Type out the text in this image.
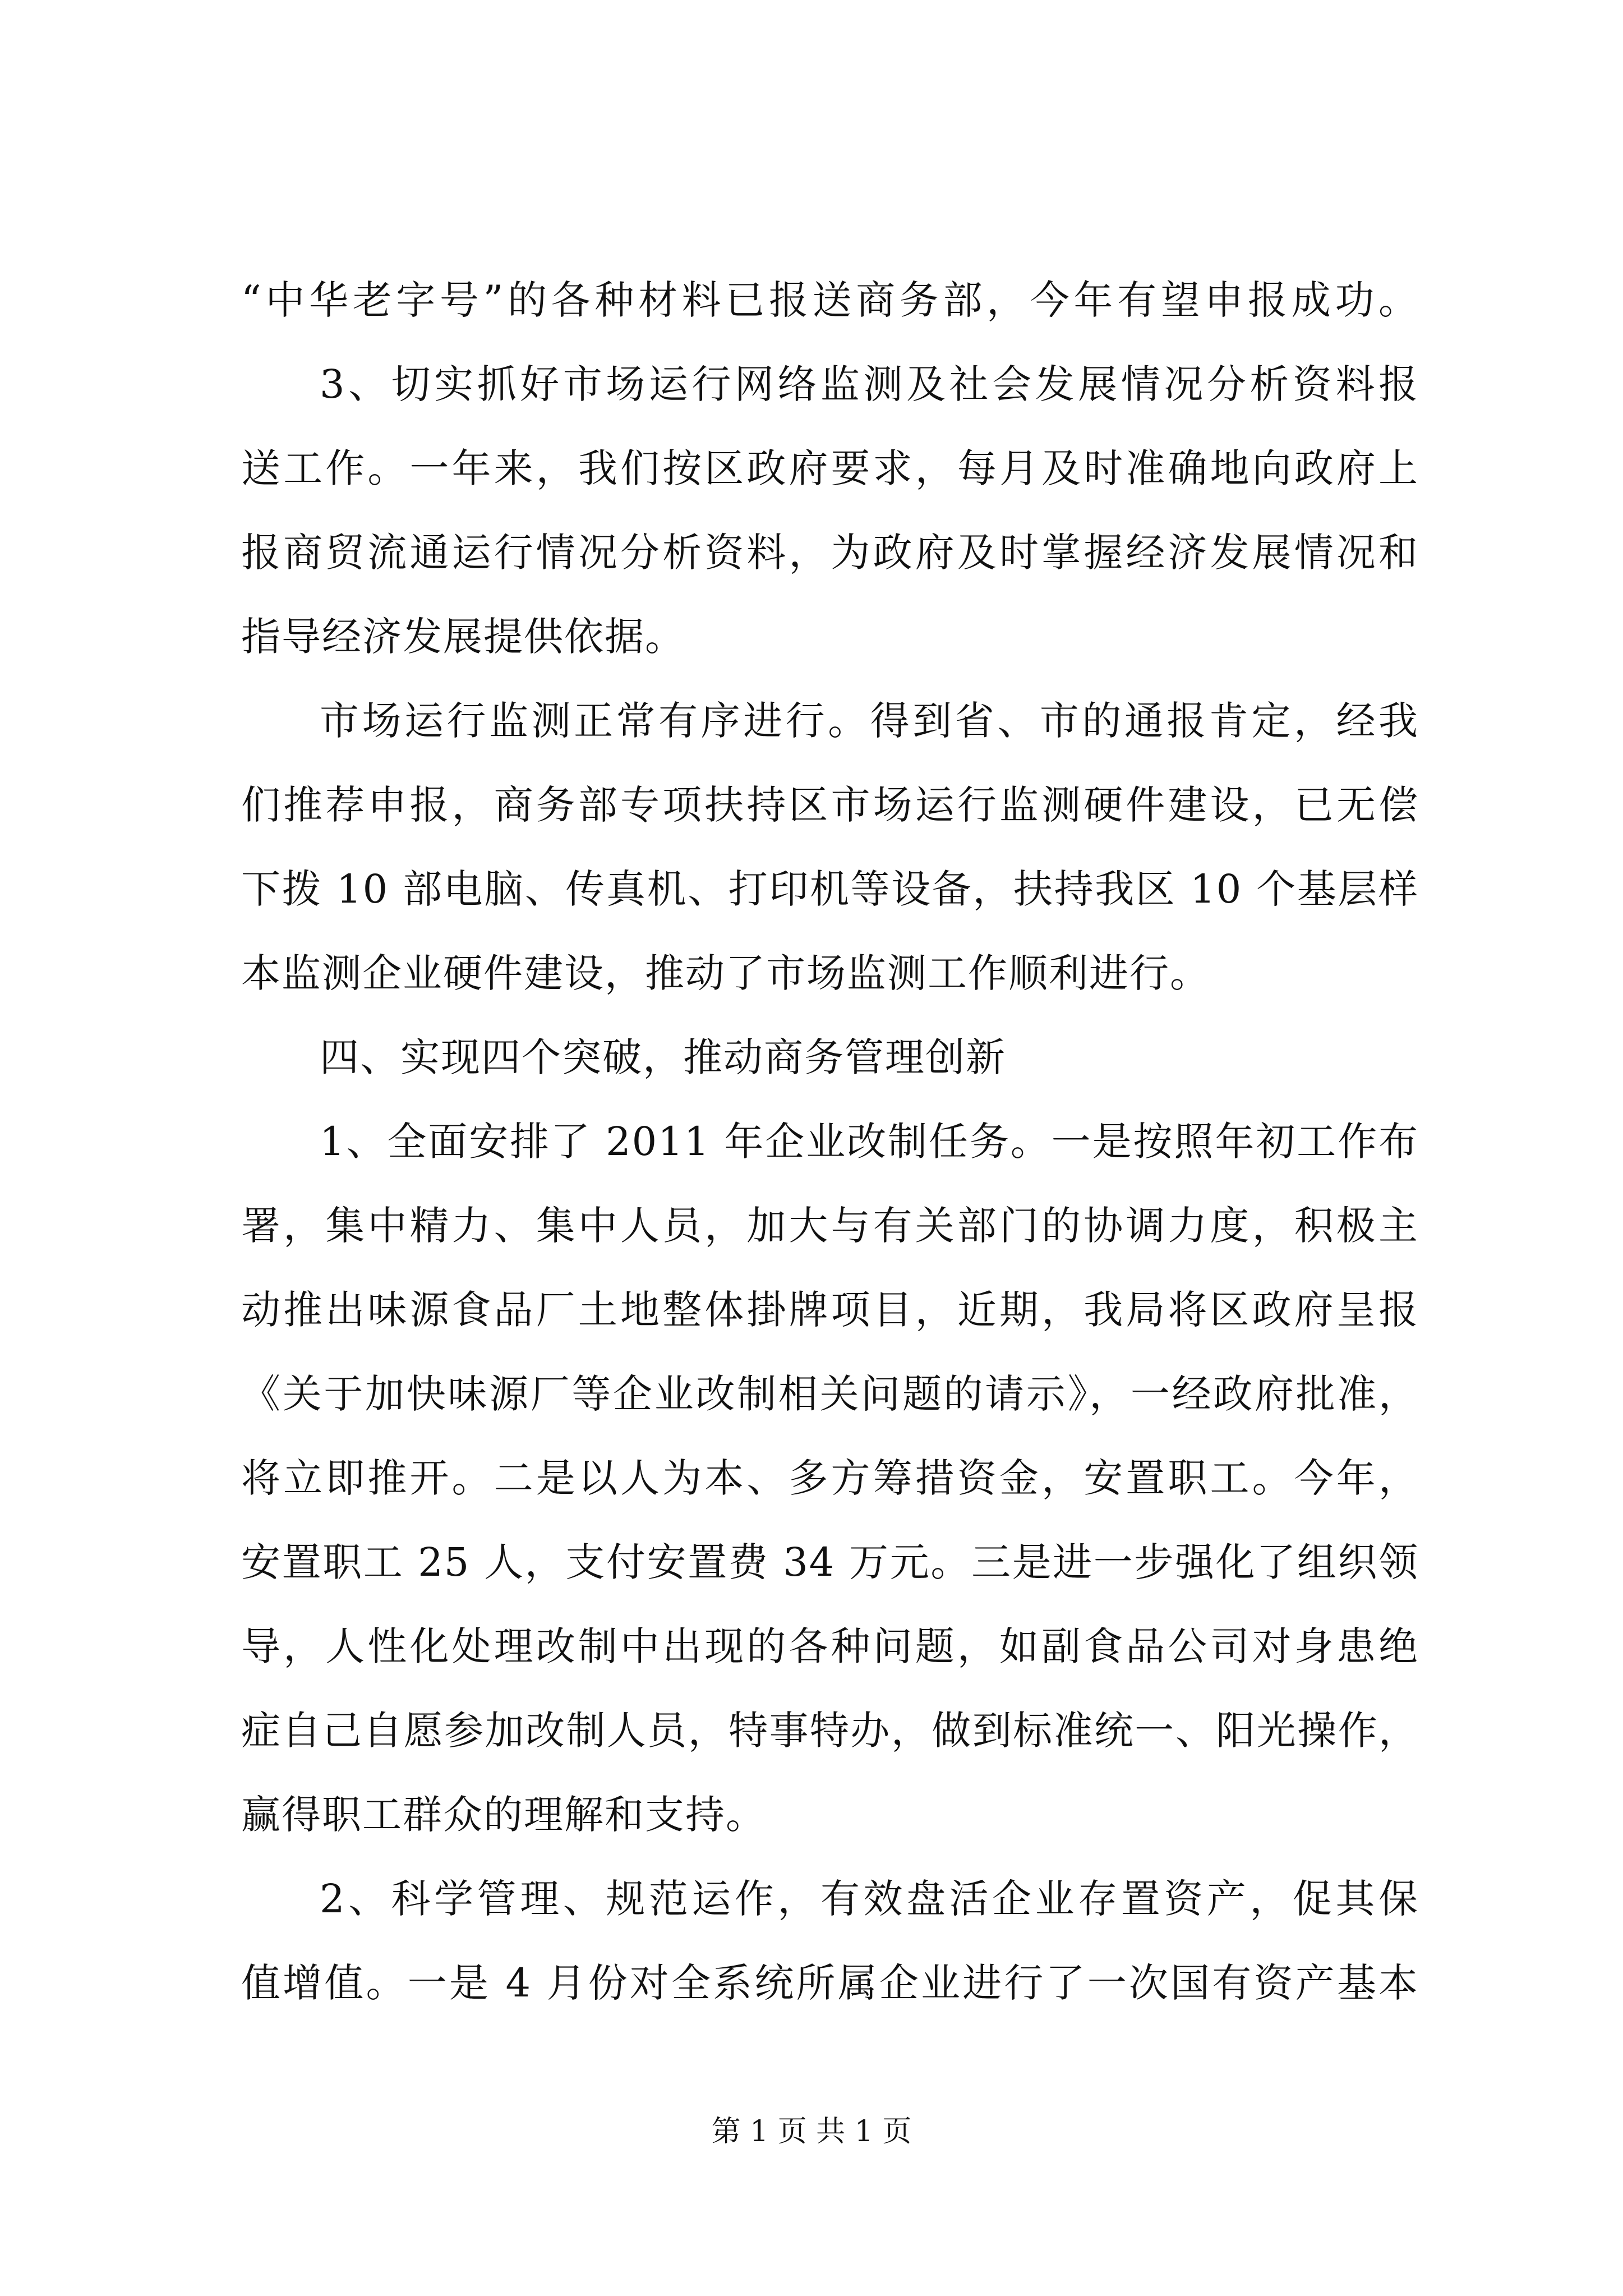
“中华老字号”的各种材料已报送商务部，今年有望申报成功。
3、切实抓好市场运行网络监测及社会发展情况分析资料报
送工作。一年来，我们按区政府要求，每月及时准确地向政府上
报商贸流通运行情况分析资料，为政府及时掌握经济发展情况和
指导经济发展提供依据。
市场运行监测正常有序进行。得到省、市的通报肯定，经我
们推荐申报，商务部专项扶持区市场运行监测硬件建设，已无偿
下拨 10 部电脑、传真机、打印机等设备，扶持我区 10 个基层样
本监测企业硬件建设，推动了市场监测工作顺利进行。
四、实现四个突破，推动商务管理创新
1、全面安排了 2011 年企业改制任务。一是按照年初工作布
署，集中精力、集中人员，加大与有关部门的协调力度，积极主
动推出味源食品厂土地整体掛牌项目，近期，我局将区政府呈报
《关于加快味源厂等企业改制相关问题的请示》，一经政府批准，
将立即推开。二是以人为本、多方筹措资金，安置职工。今年，
安置职工 25 人，支付安置费 34 万元。三是进一步强化了组织领
导，人性化处理改制中出现的各种问题，如副食品公司对身患绝
症自己自愿参加改制人员，特事特办，做到标准统一、阳光操作，
赢得职工群众的理解和支持。
2、科学管理、规范运作，有效盘活企业存置资产，促其保
值增值。一是 4 月份对全系统所属企业进行了一次国有资产基本
第 1 页 共 1 页
